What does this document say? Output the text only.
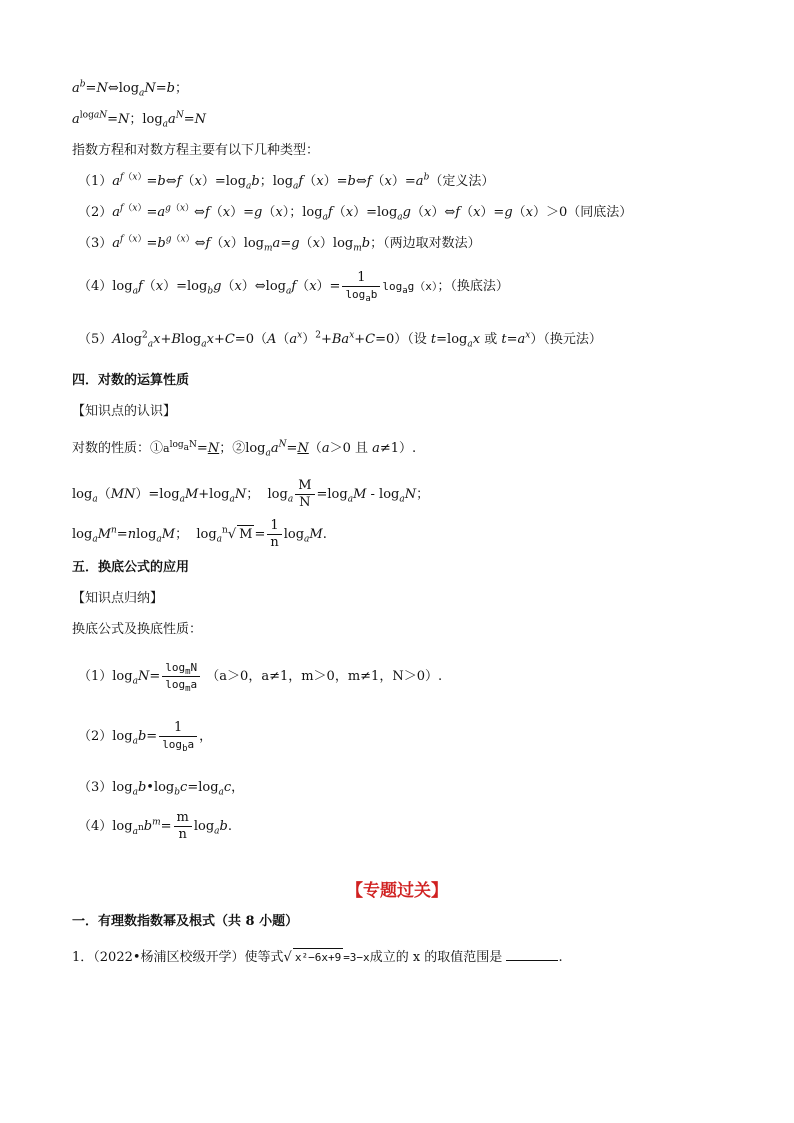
$a^b=N\Leftrightarrow\log_aN=b$；
$a^{logaN}=N$；$\log_aa^N=N$
指数方程和对数方程主要有以下几种类型：
$(1)a^{f(x)}=b\Leftrightarrow f(x)=\log_ab$；$\log_af(x)=b\Leftrightarrow f(x)=a^b$（定义法）
$(2)a^{f(x)}=a^{g(x)}\Leftrightarrow f(x)=g(x)$；$\log_af(x)=\log_ag(x)\Leftrightarrow f(x)=g(x)>0$（同底法）
$(3)a^{f(x)}=b^{g(x)}\Leftrightarrow f(x)\log_ma=g(x)\log_mb$；（两边取对数法）
$(4)\log_af(x)=\log_bg(x)\Leftrightarrow\log_af(x)= \frac{1}{\log_ab} \log_ag(x)$；（换底法）
$(5)Alog^2_ax+Blog_ax+C=0(A(a^x)^2+Ba^x+C=0)$（设 $t=\log_ax$ 或 $t=a^x$）（换元法）
四．对数的运算性质
【知识点的认识】
对数的性质：$①a^{log_aN}=N$；$②\log_aa^N=N(a>0$ 且 a≠1）.
$\log_a(MN)=\log_aM+\log_aN$；  $\log_a \frac{M}{N} =\log_aM - \log_aN$；
$\log_aM^n=nlog_aM$；  $\log_a^n√$ $M = \frac{1}{n} \log_aM$.
五．换底公式的应用
【知识点归纳】
换底公式及换底性质：
$(1)\log_aN= \frac{\log_mN}{\log_ma} (a>0$，a≠1，m＞0，m≠1，N＞0）.
$(2)\log_ab= \frac{1}{\log_ba}$ ，
$(3)\log_ab•\log_bc=\log_ac$，
$(4)\log_{a^n}b^m= \frac{m}{n} \log_ab$.
【专题过关】
一．有理数指数幂及根式（共 8 小题）
1．（2022•杨浦区校级开学）使等式√ x²−6x+9 =3−x成立的 x 的取值范围是	.
